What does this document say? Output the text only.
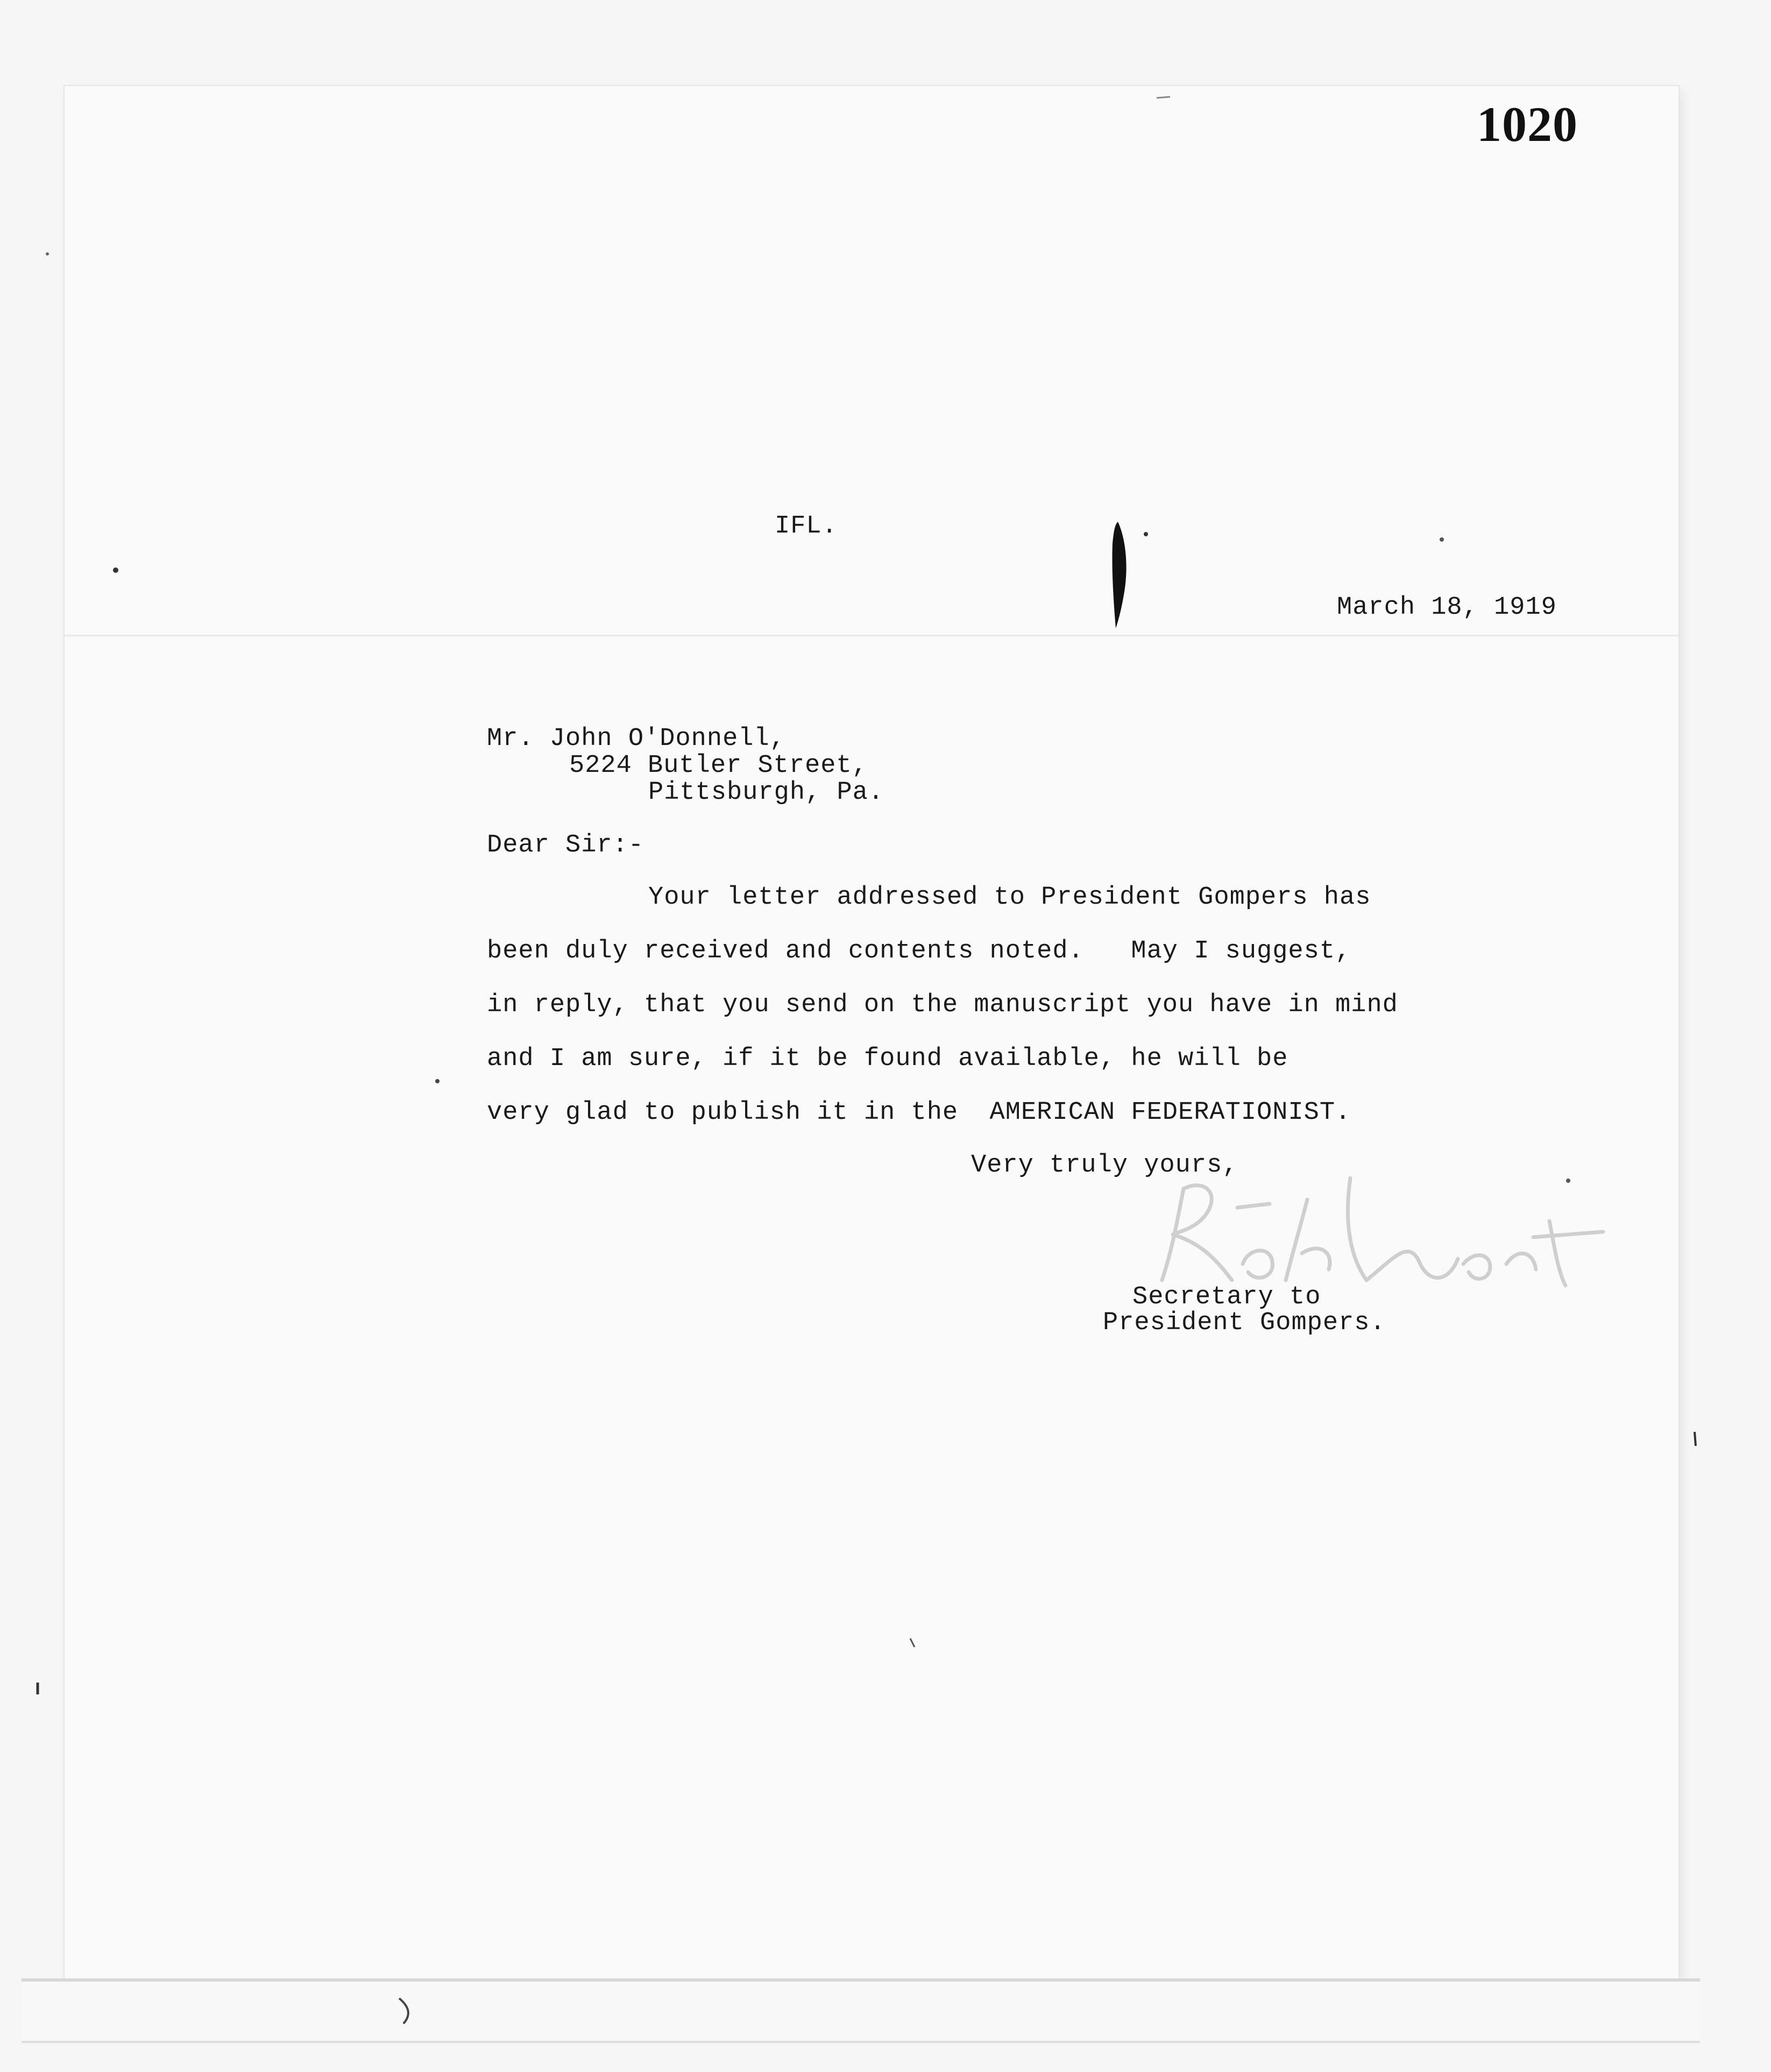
1020
IFL.
March 18, 1919
Mr. John O'Donnell,
5224 Butler Street,
Pittsburgh, Pa.
Dear Sir:-
Your letter addressed to President Gompers has
been duly received and contents noted.   May I suggest,
in reply, that you send on the manuscript you have in mind
and I am sure, if it be found available, he will be
very glad to publish it in the  AMERICAN FEDERATIONIST.
Very truly yours,
Secretary to
President Gompers.
